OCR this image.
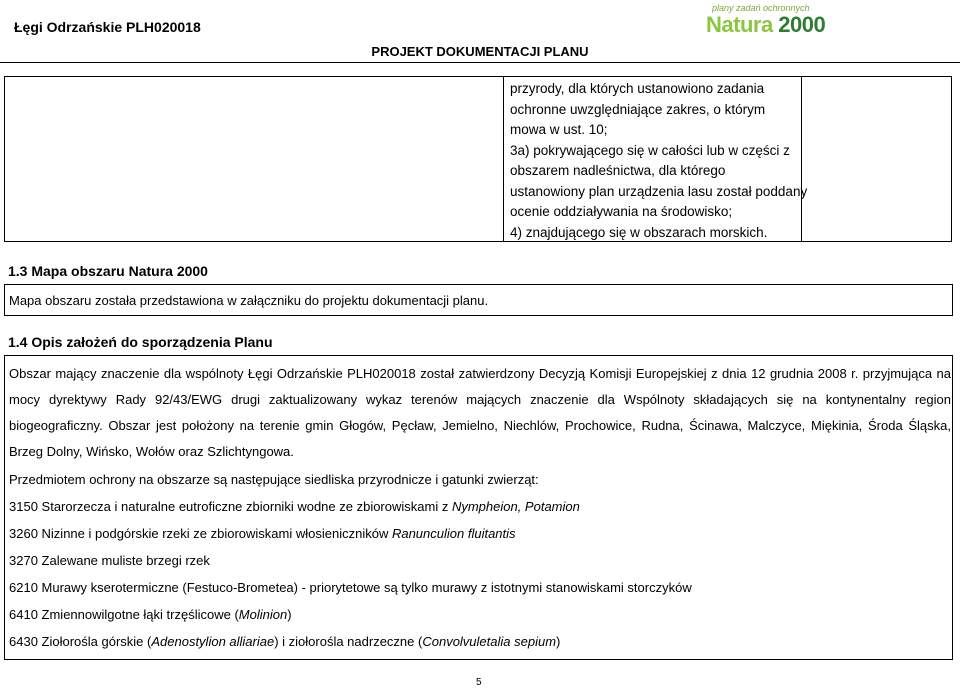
Łęgi Odrzańskie PLH020018
plany zadań ochronnych
Natura 2000
PROJEKT DOKUMENTACJI PLANU
przyrody, dla których ustanowiono zadania
ochronne uwzględniające zakres, o którym
mowa w ust. 10;
3a) pokrywającego się w całości lub w części z
obszarem nadleśnictwa, dla którego
ustanowiony plan urządzenia lasu został poddany
ocenie oddziaływania na środowisko;
4) znajdującego się w obszarach morskich.
1.3 Mapa obszaru Natura 2000
Mapa obszaru została przedstawiona w załączniku do projektu dokumentacji planu.
1.4 Opis założeń do sporządzenia Planu
Obszar mający znaczenie dla wspólnoty Łęgi Odrzańskie PLH020018 został zatwierdzony Decyzją Komisji Europejskiej z dnia 12 grudnia 2008 r. przyjmująca na
mocy dyrektywy Rady 92/43/EWG drugi zaktualizowany wykaz terenów mających znaczenie dla Wspólnoty składających się na kontynentalny region
biogeograficzny. Obszar jest położony na terenie gmin Głogów, Pęcław, Jemielno, Niechlów, Prochowice, Rudna, Ścinawa, Malczyce, Miękinia, Środa Śląska,
Brzeg Dolny, Wińsko, Wołów oraz Szlichtyngowa.
Przedmiotem ochrony na obszarze są następujące siedliska przyrodnicze i gatunki zwierząt:
3150 Starorzecza i naturalne eutroficzne zbiorniki wodne ze zbiorowiskami z Nympheion, Potamion
3260 Nizinne i podgórskie rzeki ze zbiorowiskami włosieniczników Ranunculion fluitantis
3270 Zalewane muliste brzegi rzek
6210 Murawy kserotermiczne (Festuco-Brometea) - priorytetowe są tylko murawy z istotnymi stanowiskami storczyków
6410 Zmiennowilgotne łąki trzęślicowe (Molinion)
6430 Ziołorośla górskie (Adenostylion alliariae) i ziołorośla nadrzeczne (Convolvuletalia sepium)
5
